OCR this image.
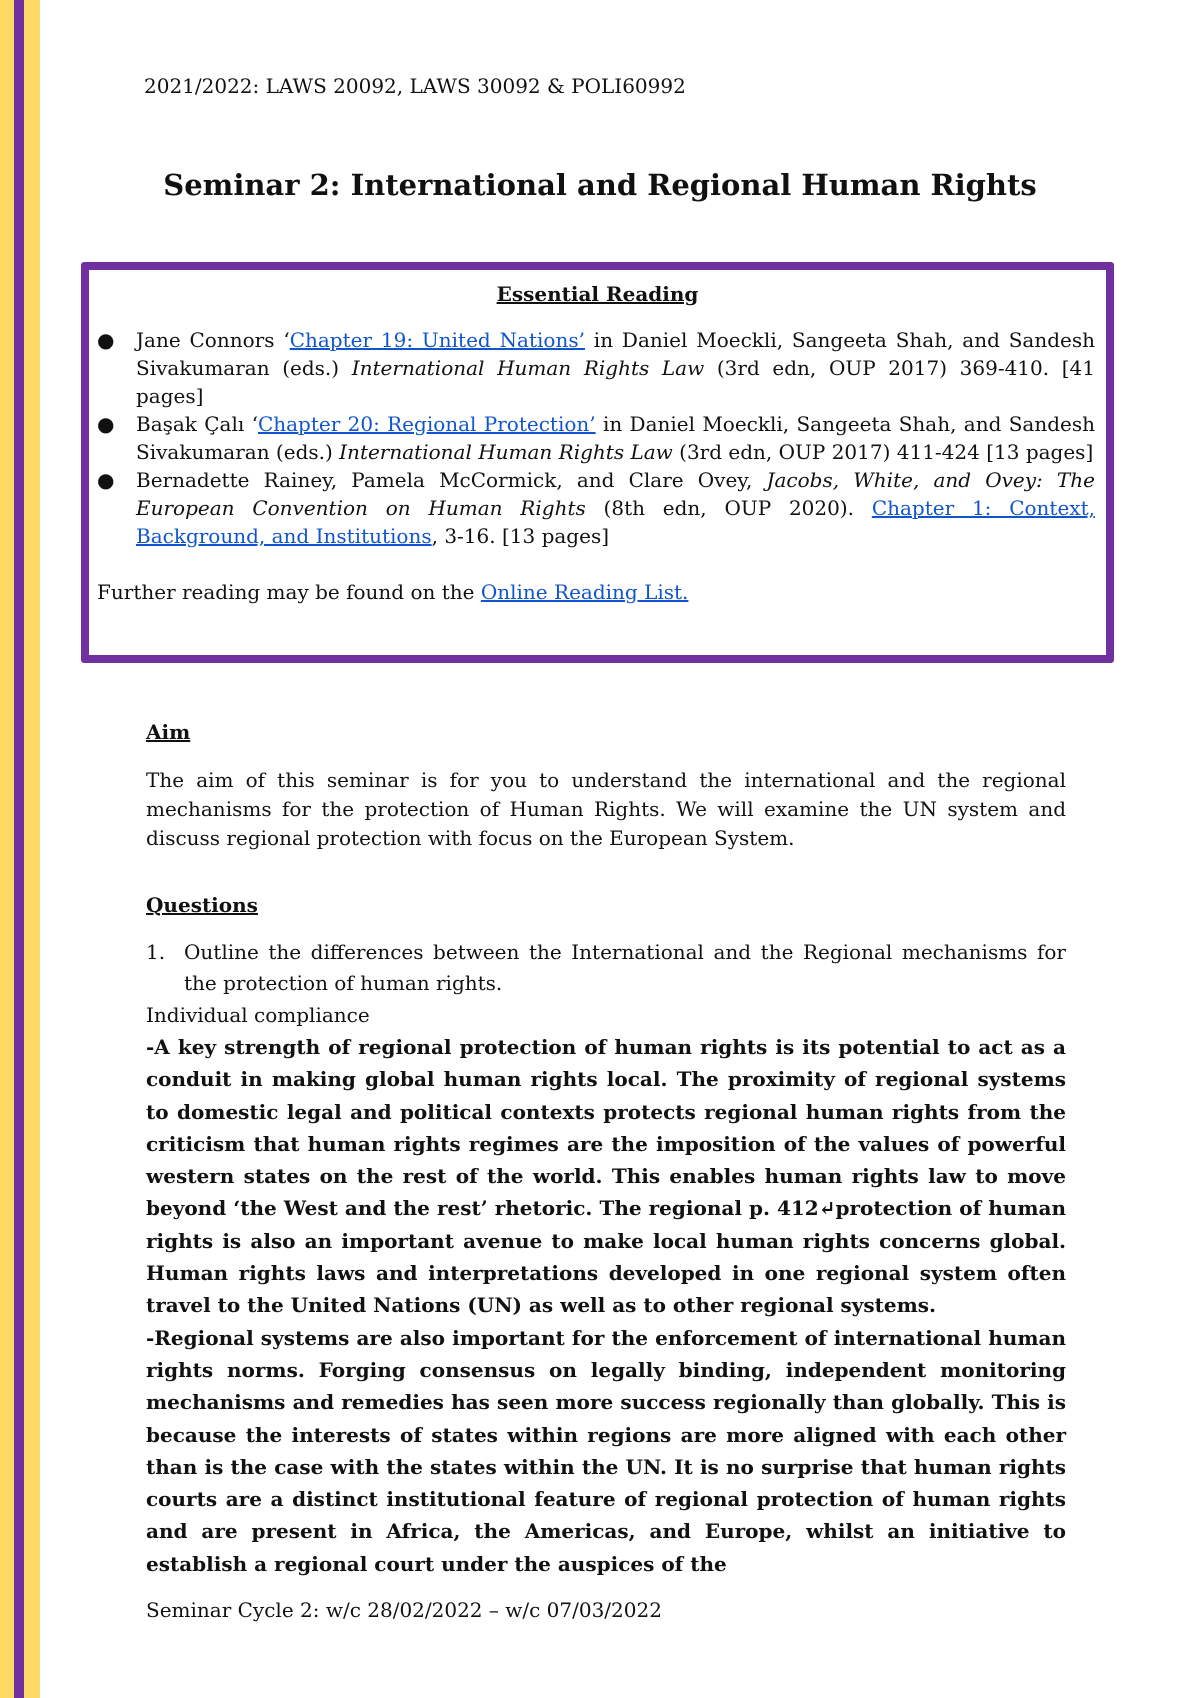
2021/2022: LAWS 20092, LAWS 30092 & POLI60992
Seminar 2: International and Regional Human Rights
Essential Reading
● Jane Connors ‘Chapter 19: United Nations’ in Daniel Moeckli, Sangeeta Shah, and Sandesh Sivakumaran (eds.) International Human Rights Law (3rd edn, OUP 2017) 369-410. [41 pages]
● Başak Çalı ‘Chapter 20: Regional Protection’ in Daniel Moeckli, Sangeeta Shah, and Sandesh Sivakumaran (eds.) International Human Rights Law (3rd edn, OUP 2017) 411-424 [13 pages]
● Bernadette Rainey, Pamela McCormick, and Clare Ovey, Jacobs, White, and Ovey: The European Convention on Human Rights (8th edn, OUP 2020). Chapter 1: Context, Background, and Institutions, 3-16. [13 pages]
Further reading may be found on the Online Reading List.
Aim
The aim of this seminar is for you to understand the international and the regional mechanisms for the protection of Human Rights. We will examine the UN system and discuss regional protection with focus on the European System.
Questions
1. Outline the differences between the International and the Regional mechanisms for the protection of human rights.
Individual compliance
-A key strength of regional protection of human rights is its potential to act as a conduit in making global human rights local. The proximity of regional systems to domestic legal and political contexts protects regional human rights from the criticism that human rights regimes are the imposition of the values of powerful western states on the rest of the world. This enables human rights law to move beyond ‘the West and the rest’ rhetoric. The regional p. 412↵protection of human rights is also an important avenue to make local human rights concerns global. Human rights laws and interpretations developed in one regional system often travel to the United Nations (UN) as well as to other regional systems.
-Regional systems are also important for the enforcement of international human rights norms. Forging consensus on legally binding, independent monitoring mechanisms and remedies has seen more success regionally than globally. This is because the interests of states within regions are more aligned with each other than is the case with the states within the UN. It is no surprise that human rights courts are a distinct institutional feature of regional protection of human rights and are present in Africa, the Americas, and Europe, whilst an initiative to establish a regional court under the auspices of the
Seminar Cycle 2: w/c 28/02/2022 – w/c 07/03/2022
